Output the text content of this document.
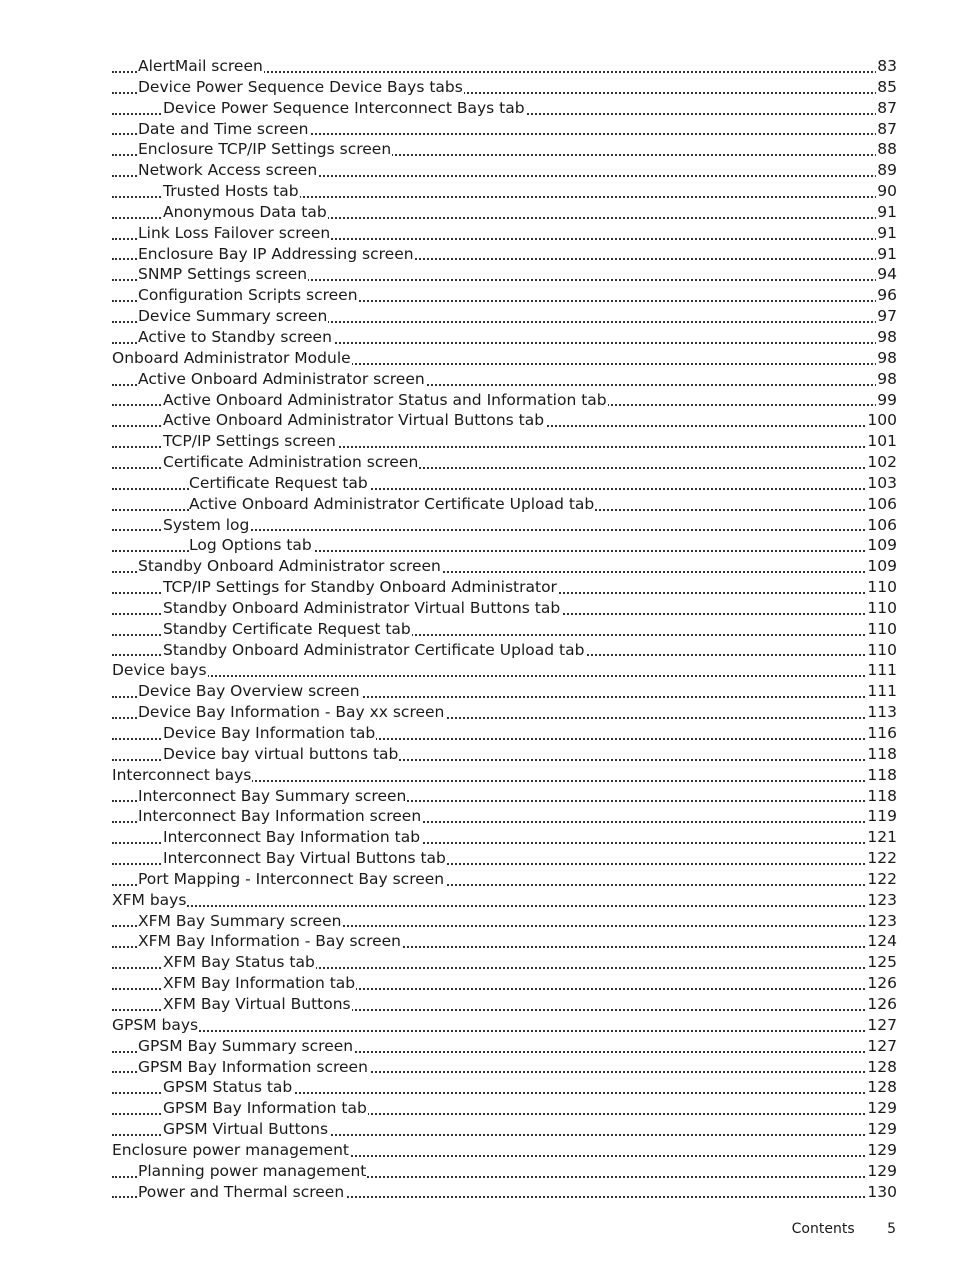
AlertMail screen	83
Device Power Sequence Device Bays tabs	85
Device Power Sequence Interconnect Bays tab	87
Date and Time screen	87
Enclosure TCP/IP Settings screen	88
Network Access screen	89
Trusted Hosts tab	90
Anonymous Data tab	91
Link Loss Failover screen	91
Enclosure Bay IP Addressing screen	91
SNMP Settings screen	94
Configuration Scripts screen	96
Device Summary screen	97
Active to Standby screen	98
Onboard Administrator Module	98
Active Onboard Administrator screen	98
Active Onboard Administrator Status and Information tab	99
Active Onboard Administrator Virtual Buttons tab	100
TCP/IP Settings screen	101
Certificate Administration screen	102
Certificate Request tab	103
Active Onboard Administrator Certificate Upload tab	106
System log	106
Log Options tab	109
Standby Onboard Administrator screen	109
TCP/IP Settings for Standby Onboard Administrator	110
Standby Onboard Administrator Virtual Buttons tab	110
Standby Certificate Request tab	110
Standby Onboard Administrator Certificate Upload tab	110
Device bays	111
Device Bay Overview screen	111
Device Bay Information - Bay xx screen	113
Device Bay Information tab	116
Device bay virtual buttons tab	118
Interconnect bays	118
Interconnect Bay Summary screen	118
Interconnect Bay Information screen	119
Interconnect Bay Information tab	121
Interconnect Bay Virtual Buttons tab	122
Port Mapping - Interconnect Bay screen	122
XFM bays	123
XFM Bay Summary screen	123
XFM Bay Information - Bay screen	124
XFM Bay Status tab	125
XFM Bay Information tab	126
XFM Bay Virtual Buttons	126
GPSM bays	127
GPSM Bay Summary screen	127
GPSM Bay Information screen	128
GPSM Status tab	128
GPSM Bay Information tab	129
GPSM Virtual Buttons	129
Enclosure power management	129
Planning power management	129
Power and Thermal screen	130
Contents 5
